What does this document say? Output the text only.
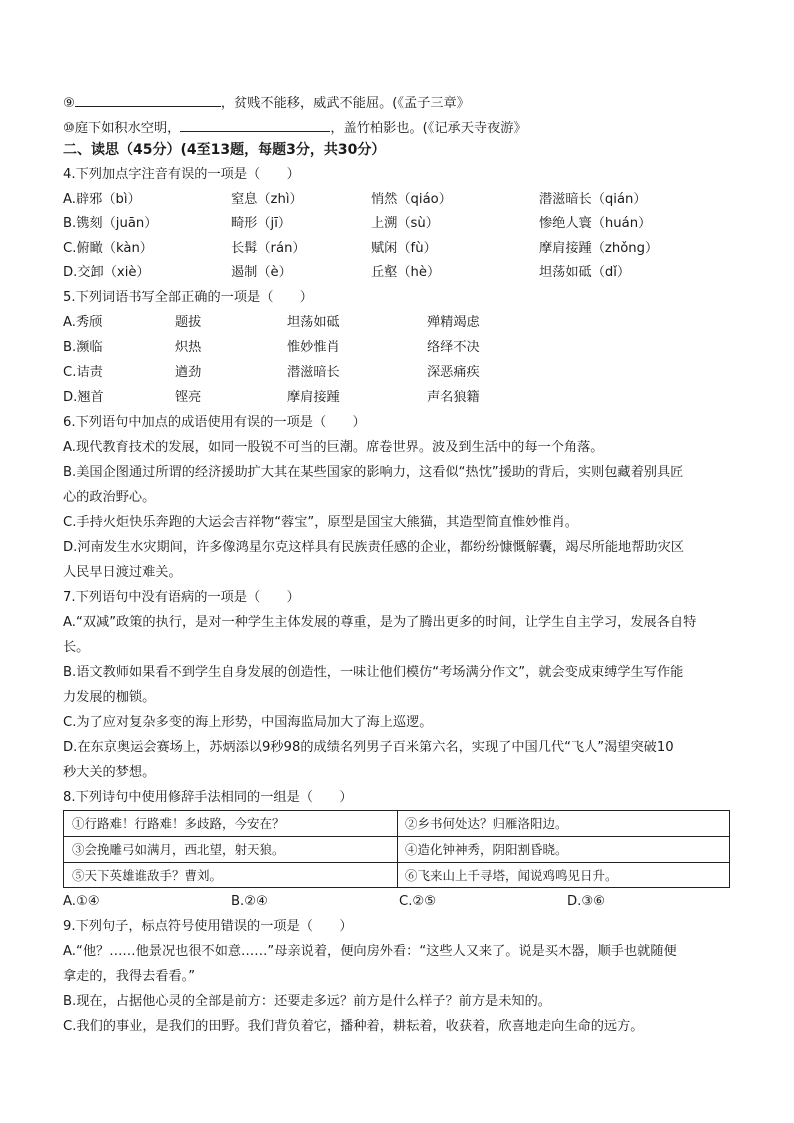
⑨	，贫贱不能移，威武不能屈。(《孟子三章》
⑩庭下如积水空明，	，盖竹柏影也。(《记承天寺夜游》
二、读思（45分）(4至13题，每题3分，共30分）
4.下列加点字注音有误的一项是（　　）
A.辟邪（bì）	窒息（zhì）	悄然（qiáo）	潜滋暗长（qián）
B.镌刻（juān）	畸形（jī）	上溯（sù）	惨绝人寰（huán）
C.俯瞰（kàn）	长髯（rán）	赋闲（fù）	摩肩接踵（zhǒng）
D.交卸（xiè）	遏制（è）	丘壑（hè）	坦荡如砥（dǐ）
5.下列词语书写全部正确的一项是（　　）
A.秀颀	题拔	坦荡如砥	殚精竭虑
B.濒临	炽热	惟妙惟肖	络绎不决
C.诘责	遒劲	潜滋暗长	深恶痛疾
D.翘首	铿亮	摩肩接踵	声名狼籍
6.下列语句中加点的成语使用有误的一项是（　　）
A.现代教育技术的发展，如同一股锐不可当的巨潮。席卷世界。波及到生活中的每一个角落。
B.美国企图通过所谓的经济援助扩大其在某些国家的影响力，这看似“热忱”援助的背后，实则包藏着别具匠
心的政治野心。
C.手持火炬快乐奔跑的大运会吉祥物“蓉宝”，原型是国宝大熊猫，其造型简直惟妙惟肖。
D.河南发生水灾期间，许多像鸿星尔克这样具有民族责任感的企业，都纷纷慷慨解囊，竭尽所能地帮助灾区
人民早日渡过难关。
7.下列语句中没有语病的一项是（　　）
A.“双减”政策的执行，是对一种学生主体发展的尊重，是为了腾出更多的时间，让学生自主学习，发展各自特
长。
B.语文教师如果看不到学生自身发展的创造性，一味让他们模仿“考场满分作文”，就会变成束缚学生写作能
力发展的枷锁。
C.为了应对复杂多变的海上形势，中国海监局加大了海上巡逻。
D.在东京奥运会赛场上，苏炳添以9秒98的成绩名列男子百米第六名，实现了中国几代“飞人”渴望突破10
秒大关的梦想。
8.下列诗句中使用修辞手法相同的一组是（　　）
①行路难！行路难！多歧路，今安在？	②乡书何处达？归雁洛阳边。
③会挽雕弓如满月，西北望，射天狼。	④造化钟神秀，阴阳割昏晓。
⑤天下英雄谁敌手？曹刘。	⑥飞来山上千寻塔，闻说鸡鸣见日升。
A.①④	B.②④	C.②⑤	D.③⑥
9.下列句子，标点符号使用错误的一项是（　　）
A.“他？……他景况也很不如意……”母亲说着，便向房外看：“这些人又来了。说是买木器，顺手也就随便
拿走的，我得去看看。”
B.现在，占据他心灵的全部是前方：还要走多远？前方是什么样子？前方是未知的。
C.我们的事业，是我们的田野。我们背负着它，播种着，耕耘着，收获着，欣喜地走向生命的远方。
